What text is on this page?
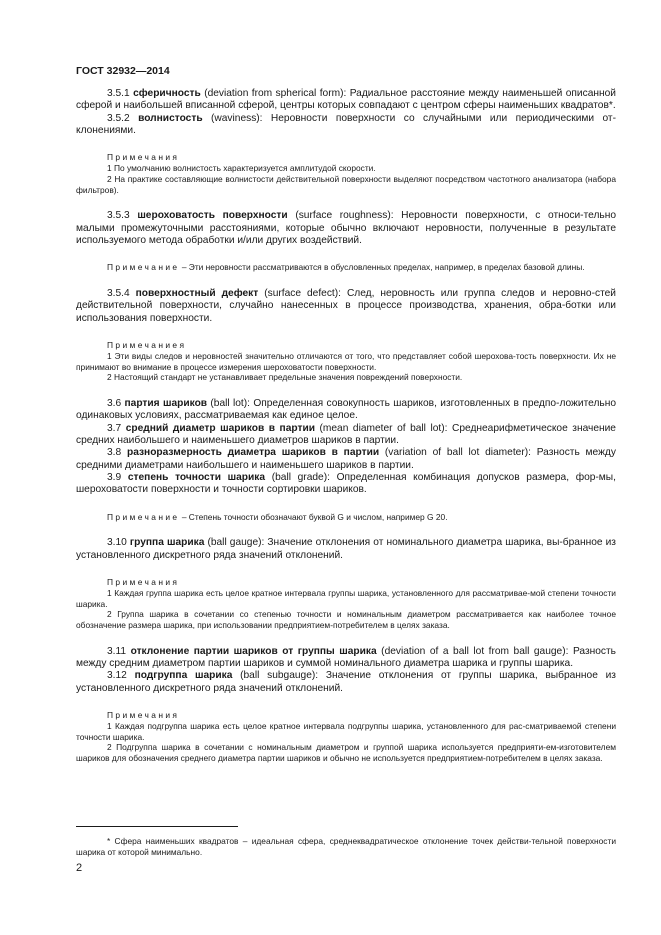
ГОСТ 32932—2014

3.5.1 сферичность (deviation from spherical form): Радиальное расстояние между наименьшей описанной сферой и наибольшей вписанной сферой, центры которых совпадают с центром сферы наименьших квадратов*.

3.5.2 волнистость (waviness): Неровности поверхности со случайными или периодическими от-клонениями.

Примечания

1 По умолчанию волнистость характеризуется амплитудой скорости.

2 На практике составляющие волнистости действительной поверхности выделяют посредством частотного анализатора (набора фильтров).

3.5.3 шероховатость поверхности (surface roughness): Неровности поверхности, с относи-тельно малыми промежуточными расстояниями, которые обычно включают неровности, полученные в результате используемого метода обработки и/или других воздействий.

Примечание – Эти неровности рассматриваются в обусловленных пределах, например, в пределах базовой длины.

3.5.4 поверхностный дефект (surface defect): След, неровность или группа следов и неровно-стей действительной поверхности, случайно нанесенных в процессе производства, хранения, обра-ботки или использования поверхности.

Примечаниея

1 Эти виды следов и неровностей значительно отличаются от того, что представляет собой шерохова-тость поверхности. Их не принимают во внимание в процессе измерения шероховатости поверхности.

2 Настоящий стандарт не устанавливает предельные значения повреждений поверхности.

3.6 партия шариков (ball lot): Определенная совокупность шариков, изготовленных в предпо-ложительно одинаковых условиях, рассматриваемая как единое целое.

3.7 средний диаметр шариков в партии (mean diameter of ball lot): Среднеарифметическое значение средних наибольшего и наименьшего диаметров шариков в партии.

3.8 разноразмерность диаметра шариков в партии (variation of ball lot diameter): Разность между средними диаметрами наибольшего и наименьшего шариков в партии.

3.9 степень точности шарика (ball grade): Определенная комбинация допусков размера, фор-мы, шероховатости поверхности и точности сортировки шариков.

Примечание – Степень точности обозначают буквой G и числом, например G 20.

3.10 группа шарика (ball gauge): Значение отклонения от номинального диаметра шарика, вы-бранное из установленного дискретного ряда значений отклонений.

Примечания

1 Каждая группа шарика есть целое кратное интервала группы шарика, установленного для рассматривае-мой степени точности шарика.

2 Группа шарика в сочетании со степенью точности и номинальным диаметром рассматривается как наиболее точное обозначение размера шарика, при использовании предприятием-потребителем в целях заказа.

3.11 отклонение партии шариков от группы шарика (deviation of a ball lot from ball gauge): Разность между средним диаметром партии шариков и суммой номинального диаметра шарика и группы шарика.

3.12 подгруппа шарика (ball subgauge): Значение отклонения от группы шарика, выбранное из установленного дискретного ряда значений отклонений.

Примечания

1 Каждая подгруппа шарика есть целое кратное интервала подгруппы шарика, установленного для рас-сматриваемой степени точности шарика.

2 Подгруппа шарика в сочетании с номинальным диаметром и группой шарика используется предприяти-ем-изготовителем шариков для обозначения среднего диаметра партии шариков и обычно не используется предприятием-потребителем в целях заказа.

* Сфера наименьших квадратов – идеальная сфера, среднеквадратическое отклонение точек действи-тельной поверхности шарика от которой минимально.

2
